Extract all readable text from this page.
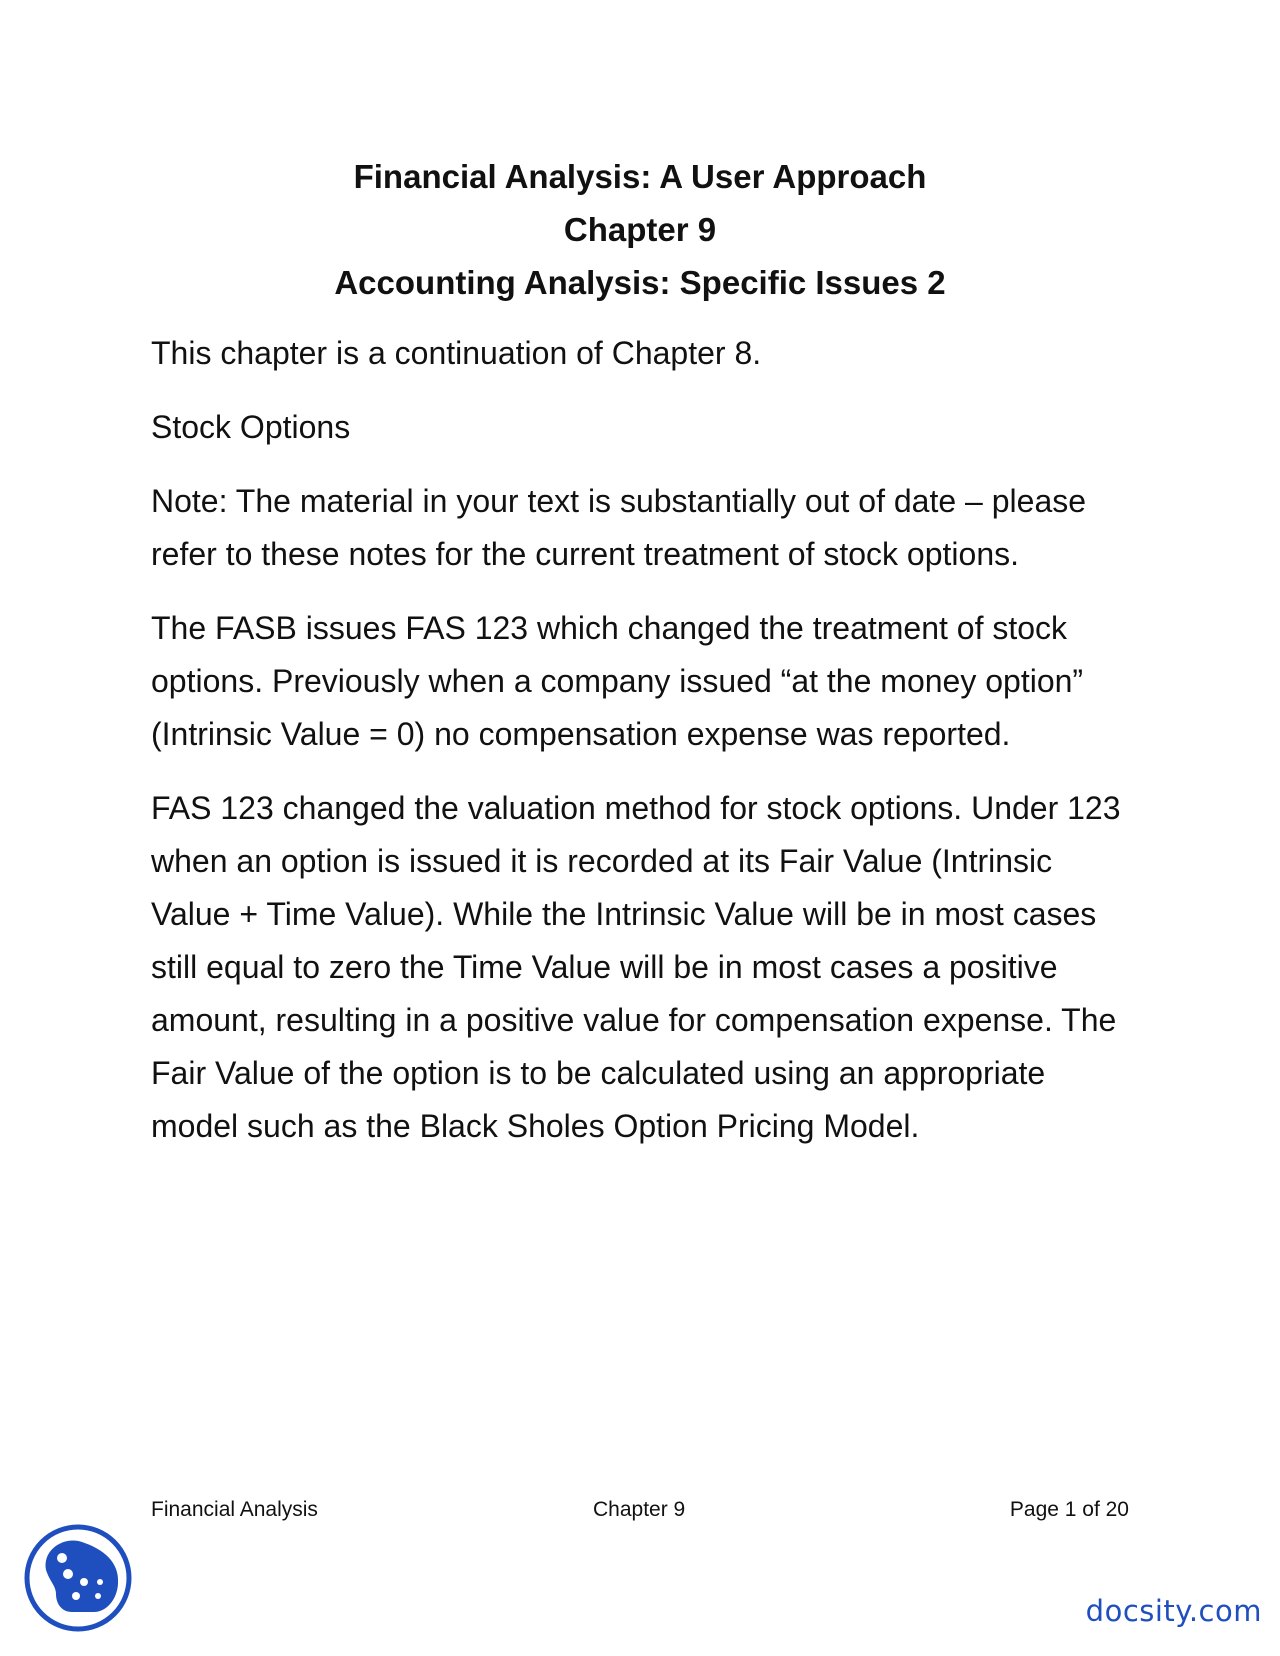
Financial Analysis: A User Approach

Chapter 9

Accounting Analysis: Specific Issues 2

This chapter is a continuation of Chapter 8.

Stock Options

Note: The material in your text is substantially out of date – please refer to these notes for the current treatment of stock options.

The FASB issues FAS 123 which changed the treatment of stock options. Previously when a company issued “at the money option” (Intrinsic Value = 0) no compensation expense was reported.

FAS 123 changed the valuation method for stock options. Under 123 when an option is issued it is recorded at its Fair Value (Intrinsic Value + Time Value). While the Intrinsic Value will be in most cases still equal to zero the Time Value will be in most cases a positive amount, resulting in a positive value for compensation expense. The Fair Value of the option is to be calculated using an appropriate model such as the Black Sholes Option Pricing Model.

Financial Analysis	Chapter 9	Page 1 of 20
docsity.com
